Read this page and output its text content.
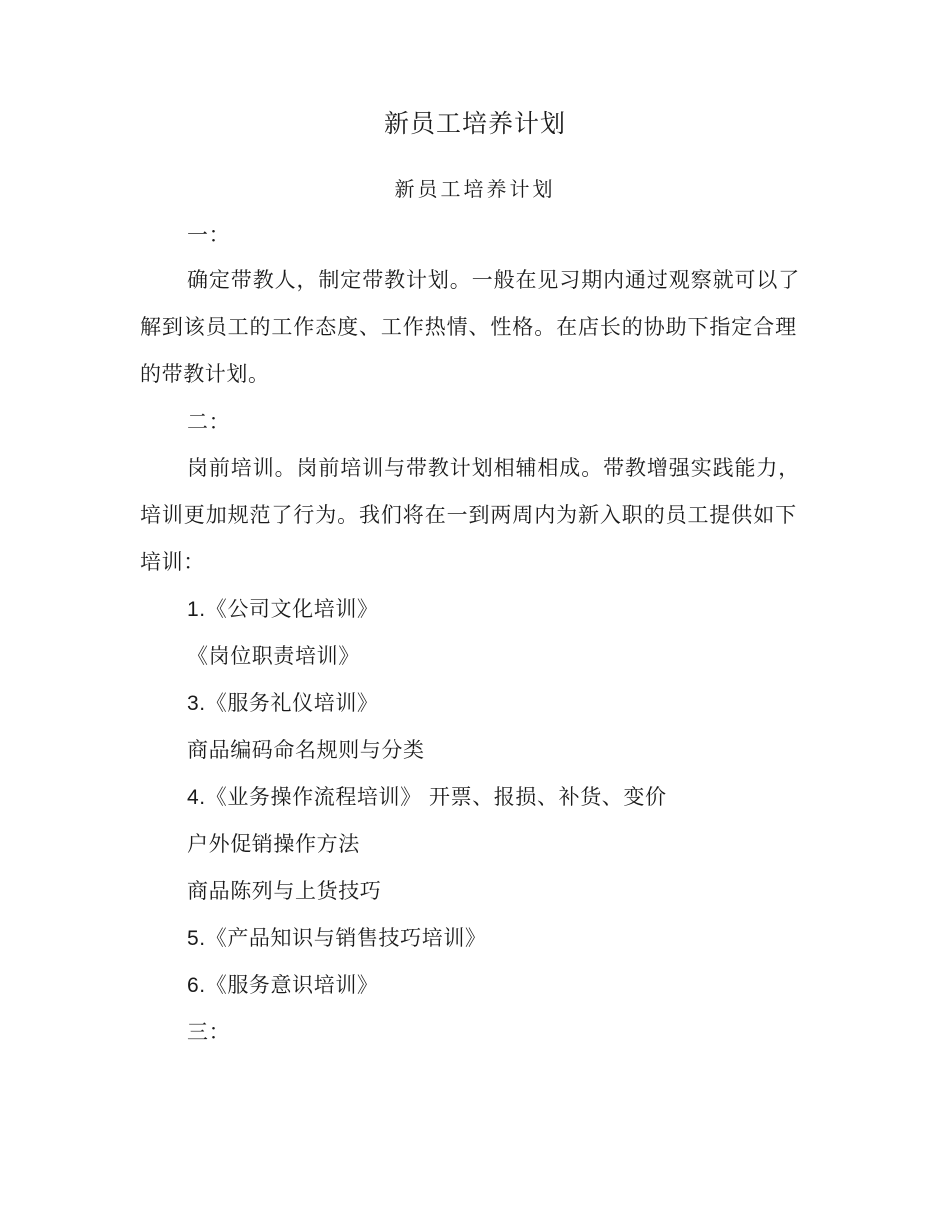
新员工培养计划
新员工培养计划
一：
确定带教人，制定带教计划。一般在见习期内通过观察就可以了
解到该员工的工作态度、工作热情、性格。在店长的协助下指定合理
的带教计划。
二：
岗前培训。岗前培训与带教计划相辅相成。带教增强实践能力，
培训更加规范了行为。我们将在一到两周内为新入职的员工提供如下
培训：
1.《公司文化培训》
《岗位职责培训》
3.《服务礼仪培训》
商品编码命名规则与分类
4.《业务操作流程培训》 开票、报损、补货、变价
户外促销操作方法
商品陈列与上货技巧
5.《产品知识与销售技巧培训》
6.《服务意识培训》
三：
